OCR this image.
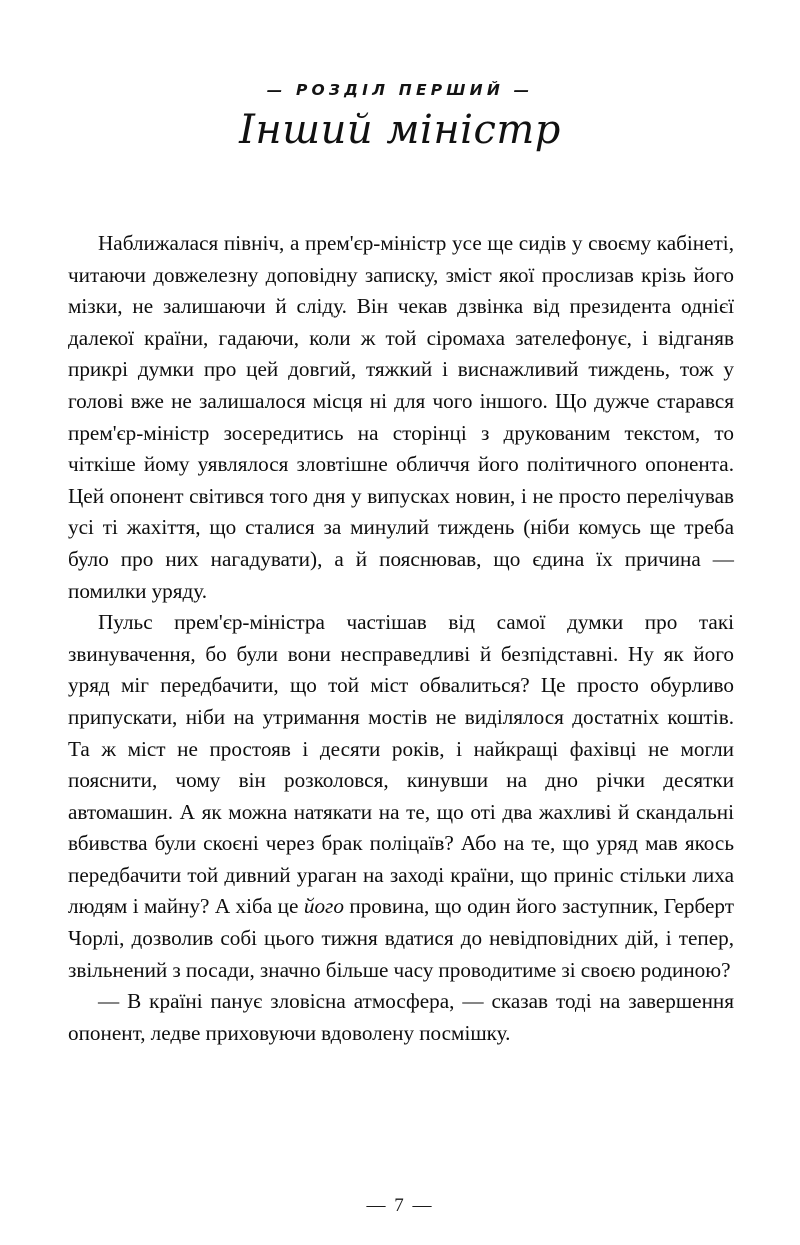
— РОЗДІЛ ПЕРШИЙ —
Інший міністр

Наближалася північ, а прем'єр-міністр усе ще сидів у своєму кабінеті, читаючи довжелезну доповідну записку, зміст якої прослизав крізь його мізки, не залишаючи й сліду. Він чекав дзвінка від президента однієї далекої країни, гадаючи, коли ж той сіромаха зателефонує, і відганяв прикрі думки про цей довгий, тяжкий і виснажливий тиждень, тож у голові вже не залишалося місця ні для чого іншого. Що дужче старався прем'єр-міністр зосередитись на сторінці з друкованим текстом, то чіткіше йому уявлялося зловтішне обличчя його політичного опонента. Цей опонент світився того дня у випусках новин, і не просто перелічував усі ті жахіття, що сталися за минулий тиждень (ніби комусь ще треба було про них нагадувати), а й пояснював, що єдина їх причина — помилки уряду.

Пульс прем'єр-міністра частішав від самої думки про такі звинувачення, бо були вони несправедливі й безпідставні. Ну як його уряд міг передбачити, що той міст обвалиться? Це просто обурливо припускати, ніби на утримання мостів не виділялося достатніх коштів. Та ж міст не простояв і десяти років, і найкращі фахівці не могли пояснити, чому він розколовся, кинувши на дно річки десятки автомашин. А як можна натякати на те, що оті два жахливі й скандальні вбивства були скоєні через брак поліцаїв? Або на те, що уряд мав якось передбачити той дивний ураган на заході країни, що приніс стільки лиха людям і майну? А хіба це його провина, що один його заступник, Герберт Чорлі, дозволив собі цього тижня вдатися до невідповідних дій, і тепер, звільнений з посади, значно більше часу проводитиме зі своєю родиною?

— В країні панує зловісна атмосфера, — сказав тоді на завершення опонент, ледве приховуючи вдоволену посмішку.

— 7 —
